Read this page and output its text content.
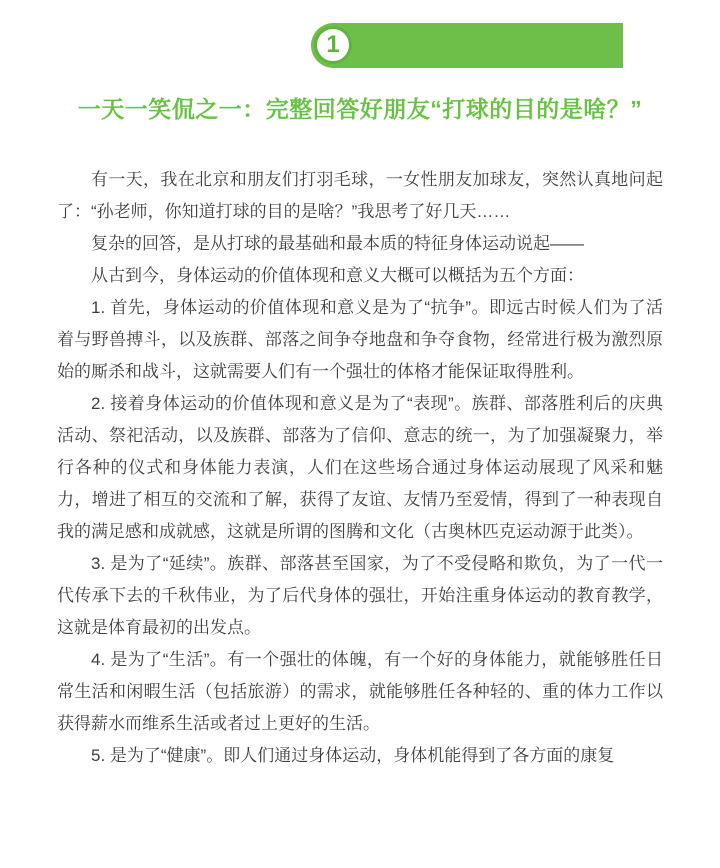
1
一天一笑侃之一：完整回答好朋友“打球的目的是啥？”

有一天，我在北京和朋友们打羽毛球，一女性朋友加球友，突然认真地问起了：“孙老师，你知道打球的目的是啥？”我思考了好几天……

复杂的回答，是从打球的最基础和最本质的特征身体运动说起——

从古到今，身体运动的价值体现和意义大概可以概括为五个方面：

1. 首先，身体运动的价值体现和意义是为了“抗争”。即远古时候人们为了活着与野兽搏斗，以及族群、部落之间争夺地盘和争夺食物，经常进行极为激烈原始的厮杀和战斗，这就需要人们有一个强壮的体格才能保证取得胜利。

2. 接着身体运动的价值体现和意义是为了“表现”。族群、部落胜利后的庆典活动、祭祀活动，以及族群、部落为了信仰、意志的统一，为了加强凝聚力，举行各种的仪式和身体能力表演，人们在这些场合通过身体运动展现了风采和魅力，增进了相互的交流和了解，获得了友谊、友情乃至爱情，得到了一种表现自我的满足感和成就感，这就是所谓的图腾和文化（古奥林匹克运动源于此类）。

3. 是为了“延续”。族群、部落甚至国家，为了不受侵略和欺负，为了一代一代传承下去的千秋伟业，为了后代身体的强壮，开始注重身体运动的教育教学，这就是体育最初的出发点。

4. 是为了“生活”。有一个强壮的体魄，有一个好的身体能力，就能够胜任日常生活和闲暇生活（包括旅游）的需求，就能够胜任各种轻的、重的体力工作以获得薪水而维系生活或者过上更好的生活。

5. 是为了“健康”。即人们通过身体运动，身体机能得到了各方面的康复
